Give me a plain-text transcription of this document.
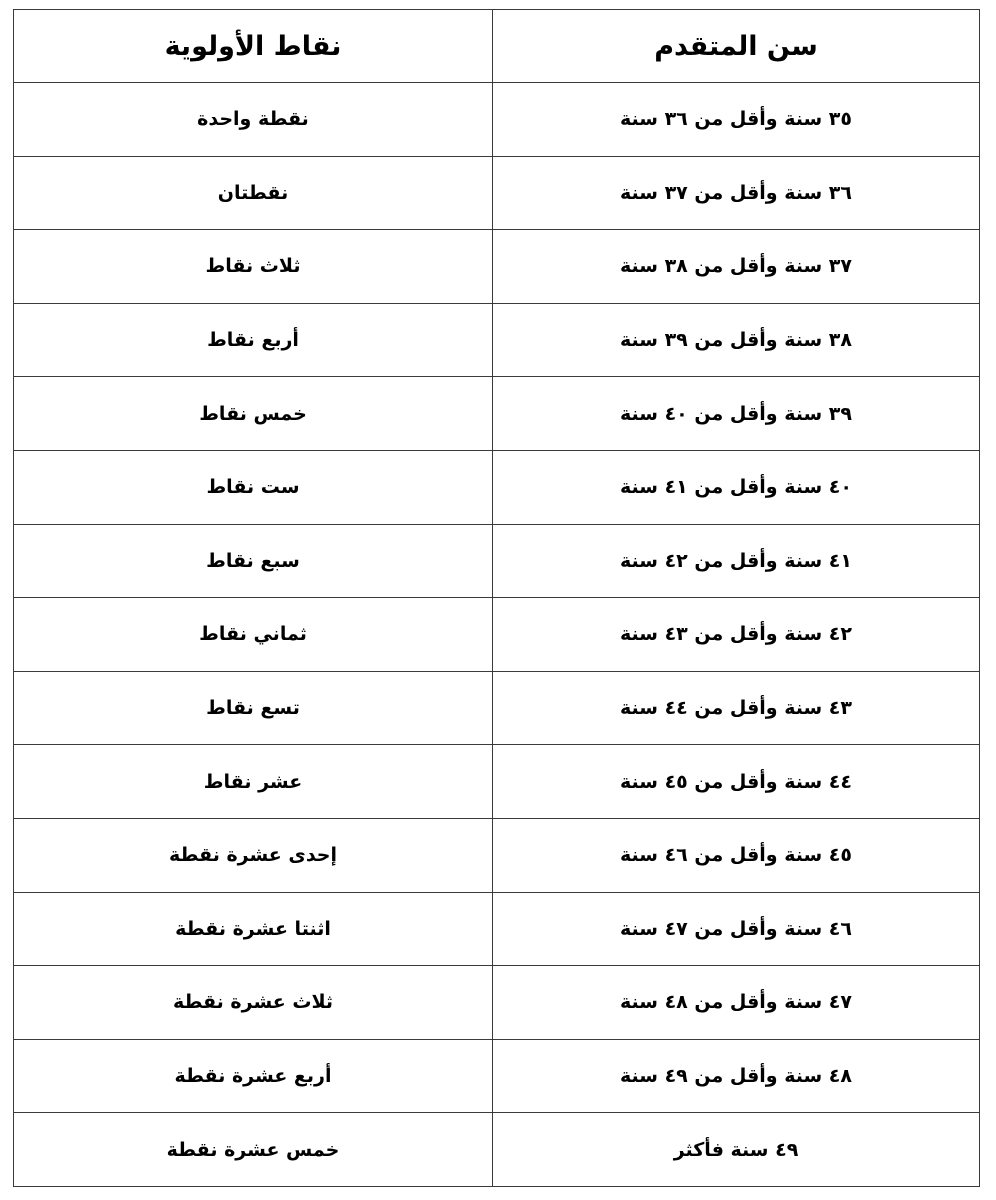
سن المتقدم	نقاط الأولوية
٣٥ سنة وأقل من ٣٦ سنة	نقطة واحدة
٣٦ سنة وأقل من ٣٧ سنة	نقطتان
٣٧ سنة وأقل من ٣٨ سنة	ثلاث نقاط
٣٨ سنة وأقل من ٣٩ سنة	أربع نقاط
٣٩ سنة وأقل من ٤٠ سنة	خمس نقاط
٤٠ سنة وأقل من ٤١ سنة	ست نقاط
٤١ سنة وأقل من ٤٢ سنة	سبع نقاط
٤٢ سنة وأقل من ٤٣ سنة	ثماني نقاط
٤٣ سنة وأقل من ٤٤ سنة	تسع نقاط
٤٤ سنة وأقل من ٤٥ سنة	عشر نقاط
٤٥ سنة وأقل من ٤٦ سنة	إحدى عشرة نقطة
٤٦ سنة وأقل من ٤٧ سنة	اثنتا عشرة نقطة
٤٧ سنة وأقل من ٤٨ سنة	ثلاث عشرة نقطة
٤٨ سنة وأقل من ٤٩ سنة	أربع عشرة نقطة
٤٩ سنة فأكثر	خمس عشرة نقطة
